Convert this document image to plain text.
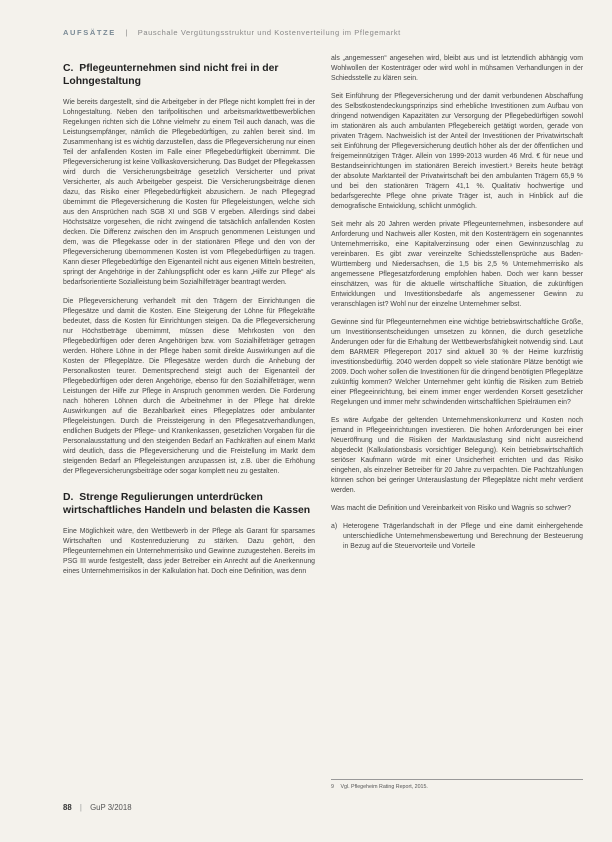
AUFSÄTZE | Pauschale Vergütungsstruktur und Kostenverteilung im Pflegemarkt
C. Pflegeunternehmen sind nicht frei in der Lohngestaltung

Wie bereits dargestellt, sind die Arbeitgeber in der Pflege nicht komplett frei in der Lohngestaltung. Neben den tarifpolitischen und arbeitsmarktwettbewerblichen Regelungen richten sich die Löhne vielmehr zu einem Teil auch danach, was die Leistungsempfänger, nämlich die Pflegebedürftigen, zu zahlen bereit sind. Im Zusammenhang ist es wichtig darzustellen, dass die Pflegeversicherung nur einen Teil der anfallenden Kosten im Falle einer Pflegebedürftigkeit übernimmt. Die Pflegeversicherung ist keine Vollkaskoversicherung. Das Budget der Pflegekassen wird durch die Versicherungsbeiträge gesetzlich Versicherter und privat Versicherter, als auch Arbeitgeber gespeist. Die Versicherungsbeiträge dienen dazu, das Risiko einer Pflegebedürftigkeit abzusichern. Je nach Pflegegrad übernimmt die Pflegeversicherung die Kosten für Pflegeleistungen, welche sich aus den Ansprüchen nach SGB XI und SGB V ergeben. Allerdings sind dabei Höchstsätze vorgesehen, die nicht zwingend die tatsächlich anfallenden Kosten decken. Die Differenz zwischen den im Anspruch genommenen Leistungen und dem, was die Pflegekasse oder in der stationären Pflege und den von der Pflegeversicherung übernommenen Kosten ist vom Pflegebedürftigen zu tragen. Kann dieser Pflegebedürftige den Eigenanteil nicht aus eigenen Mitteln bestreiten, springt der Angehörige in der Zahlungspflicht oder es kann „Hilfe zur Pflege“ als bedarfsorientierte Sozialleistung beim Sozialhilfeträger beantragt werden.

Die Pflegeversicherung verhandelt mit den Trägern der Einrichtungen die Pflegesätze und damit die Kosten. Eine Steigerung der Löhne für Pflegekräfte bedeutet, dass die Kosten für Einrichtungen steigen. Da die Pflegeversicherung nur Höchstbeträge übernimmt, müssen diese Mehrkosten von den Pflegebedürftigen oder deren Angehörigen bzw. vom Sozialhilfeträger getragen werden. Höhere Löhne in der Pflege haben somit direkte Auswirkungen auf die Kosten der Pflegeplätze. Die Pflegesätze werden durch die Anhebung der Personalkosten teurer. Dementsprechend steigt auch der Eigenanteil der Pflegebedürftigen oder deren Angehörige, ebenso für den Sozialhilfeträger, wenn Leistungen der Hilfe zur Pflege in Anspruch genommen werden. Die Forderung nach höheren Löhnen durch die Arbeitnehmer in der Pflege hat direkte Auswirkungen auf die Bezahlbarkeit eines Pflegeplatzes oder ambulanter Pflegeleistungen. Durch die Preissteigerung in den Pflegesatzverhandlungen, endlichen Budgets der Pflege- und Krankenkassen, gesetzlichen Vorgaben für die Personalausstattung und den steigenden Bedarf an Fachkräften auf einem Markt wird deutlich, dass die Pflegeversicherung und die Freistellung im Markt dem steigenden Bedarf an Pflegeleistungen anzupassen ist, z.B. über die Erhöhung der Pflegeversicherungsbeiträge oder sogar komplett neu zu gestalten.

D. Strenge Regulierungen unterdrücken wirtschaftliches Handeln und belasten die Kassen

Eine Möglichkeit wäre, den Wettbewerb in der Pflege als Garant für sparsames Wirtschaften und Kostenreduzierung zu stärken. Dazu gehört, den Pflegeunternehmen ein Unternehmerrisiko und Gewinne zuzugestehen. Bereits im PSG III wurde festgestellt, dass jeder Betreiber ein Anrecht auf die Anerkennung eines Unternehmerrisikos in der Kalkulation hat. Doch eine Definition, was denn

als „angemessen“ angesehen wird, bleibt aus und ist letztendlich abhängig vom Wohlwollen der Kostenträger oder wird wohl in mühsamen Verhandlungen in der Schiedsstelle zu klären sein.

Seit Einführung der Pflegeversicherung und der damit verbundenen Abschaffung des Selbstkostendeckungsprinzips sind erhebliche Investitionen zum Aufbau von dringend notwendigen Kapazitäten zur Versorgung der Pflegebedürftigen sowohl im stationären als auch ambulanten Pflegebereich getätigt worden, gerade von privaten Trägern. Nachweislich ist der Anteil der Investitionen der Privatwirtschaft seit Einführung der Pflegeversicherung deutlich höher als der der öffentlichen und freigemeinnützigen Träger. Allein von 1999-2013 wurden 46 Mrd. € für neue und Bestandseinrichtungen im stationären Bereich investiert.⁹ Bereits heute beträgt der absolute Marktanteil der Privatwirtschaft bei den ambulanten Trägern 65,9 % und bei den stationären Trägern 41,1 %. Qualitativ hochwertige und bedarfsgerechte Pflege ohne private Träger ist, auch in Hinblick auf die demografische Entwicklung, schlicht unmöglich.

Seit mehr als 20 Jahren werden private Pflegeunternehmen, insbesondere auf Anforderung und Nachweis aller Kosten, mit den Kostenträgern ein sogenanntes Unternehmerrisiko, eine Kapitalverzinsung oder einen Gewinnzuschlag zu vereinbaren. Es gibt zwar vereinzelte Schiedsstellensprüche aus Baden-Württemberg und Niedersachsen, die 1,5 bis 2,5 % Unternehmerrisiko als angemessene Pflegesatzforderung empfohlen haben. Doch wer kann besser einschätzen, was für die aktuelle wirtschaftliche Situation, die zukünftigen Entwicklungen und Investitionsbedarfe als angemessener Gewinn zu veranschlagen ist? Wohl nur der einzelne Unternehmer selbst.

Gewinne sind für Pflegeunternehmen eine wichtige betriebswirtschaftliche Größe, um Investitionsentscheidungen umsetzen zu können, die durch gesetzliche Änderungen oder für die Erhaltung der Wettbewerbsfähigkeit notwendig sind. Laut dem BARMER Pflegereport 2017 sind aktuell 30 % der Heime kurzfristig investitionsbedürftig. 2040 werden doppelt so viele stationäre Plätze benötigt wie 2009. Doch woher sollen die Investitionen für die dringend benötigten Pflegeplätze zukünftig kommen? Welcher Unternehmer geht künftig die Risiken zum Betrieb einer Pflegeeinrichtung, bei einem immer enger werdenden Korsett gesetzlicher Regelungen und immer mehr schwindenden wirtschaftlichen Spielräumen ein?

Es wäre Aufgabe der geltenden Unternehmenskonkurrenz und Kosten noch jemand in Pflegeeinrichtungen investieren. Die hohen Anforderungen bei einer Neueröffnung und die Risiken der Marktauslastung sind nicht ausreichend abgedeckt (Kalkulationsbasis vorsichtiger Belegung). Kein betriebswirtschaftlich seriöser Kaufmann würde mit einer Unsicherheit errichten und das Risiko eingehen, als einzelner Betreiber für 20 Jahre zu verpachten. Die Pachtzahlungen können schon bei geringer Unterauslastung der Pflegeplätze nicht mehr verdient werden.

Was macht die Definition und Vereinbarkeit von Risiko und Wagnis so schwer?

a) Heterogene Trägerlandschaft in der Pflege und eine damit einhergehende unterschiedliche Unternehmensbewertung und Berechnung der Besteuerung in Bezug auf die Steuervorteile und Vorteile
9 Vgl. Pflegeheim Rating Report, 2015.
88 | GuP 3/2018
